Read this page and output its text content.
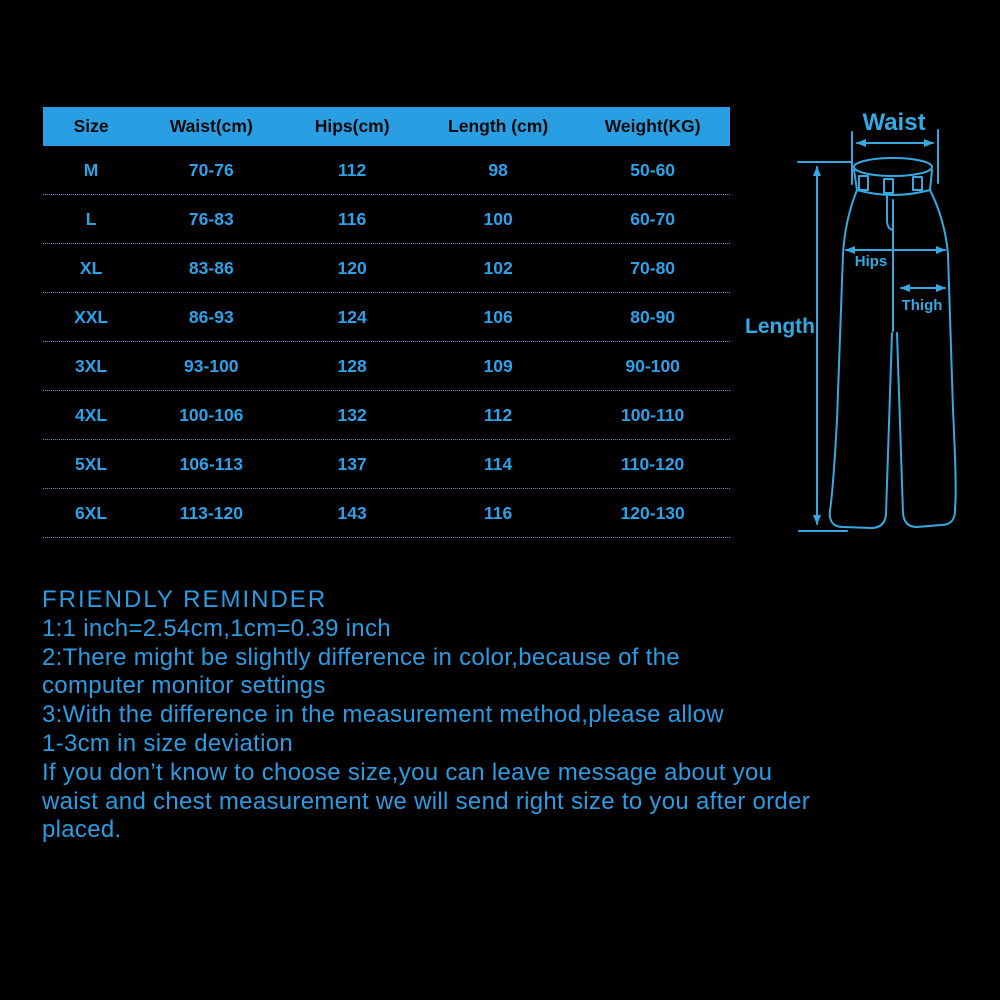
Size	Waist(cm)	Hips(cm)	Length (cm)	Weight(KG)
M	70-76	112	98	50-60
L	76-83	116	100	60-70
XL	83-86	120	102	70-80
XXL	86-93	124	106	80-90
3XL	93-100	128	109	90-100
4XL	100-106	132	112	100-110
5XL	106-113	137	114	110-120
6XL	113-120	143	116	120-130
Waist
Length
Hips
Thigh
FRIENDLY REMINDER
1:1 inch=2.54cm,1cm=0.39 inch
2:There might be slightly difference in color,because of the
computer monitor settings
3:With the difference in the measurement method,please allow
1-3cm in size deviation
If you don’t know to choose size,you can leave message about you
waist and chest measurement we will send right size to you after order
placed.
